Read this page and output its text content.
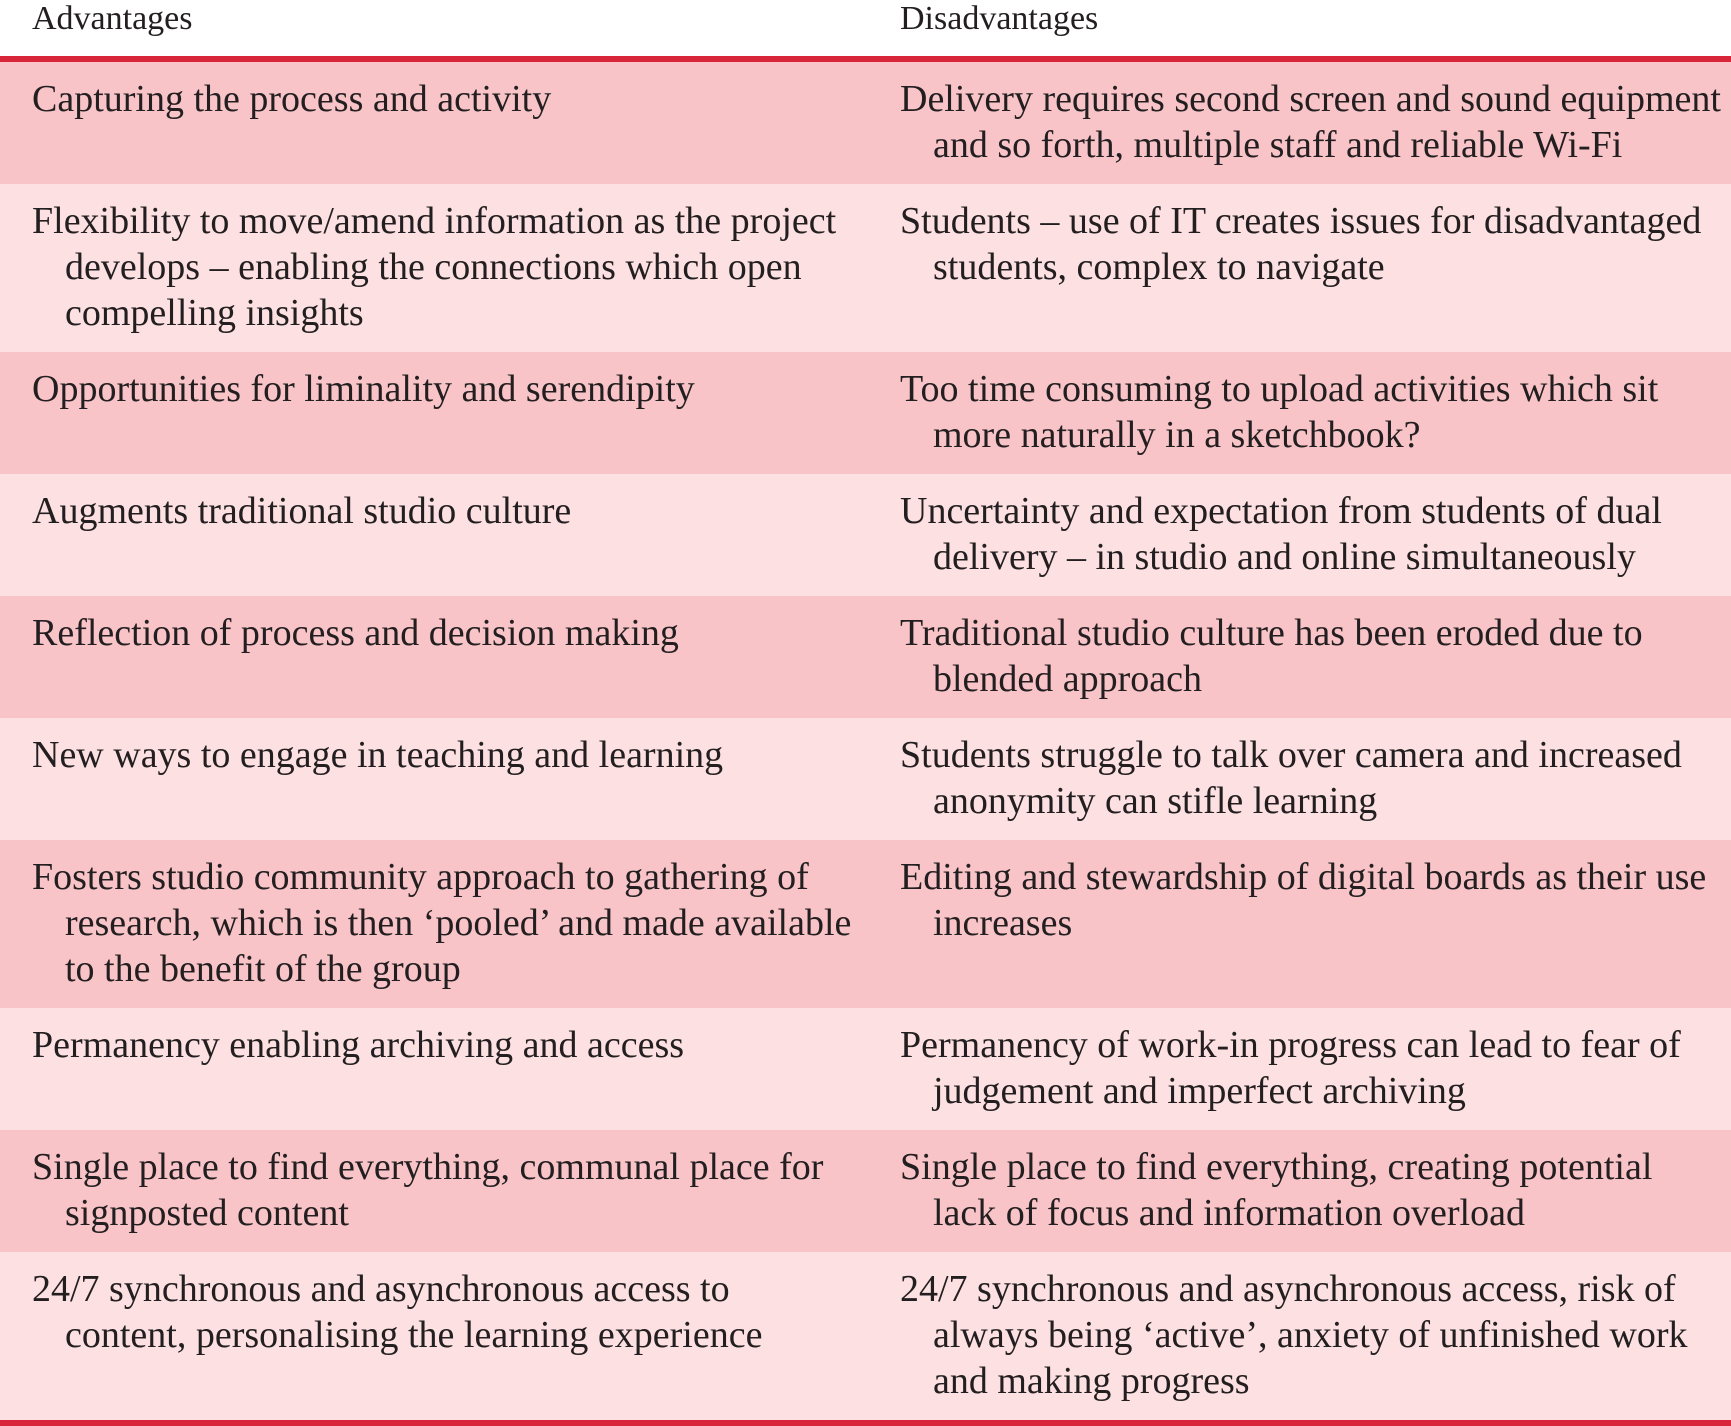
Advantages	Disadvantages

Capturing the process and activity	Delivery requires second screen and sound equipment and so forth, multiple staff and reliable Wi-Fi

Flexibility to move/amend information as the project develops – enabling the connections which open compelling insights	Students – use of IT creates issues for disadvantaged students, complex to navigate

Opportunities for liminality and serendipity	Too time consuming to upload activities which sit more naturally in a sketchbook?

Augments traditional studio culture	Uncertainty and expectation from students of dual delivery – in studio and online simultaneously

Reflection of process and decision making	Traditional studio culture has been eroded due to blended approach

New ways to engage in teaching and learning	Students struggle to talk over camera and increased anonymity can stifle learning

Fosters studio community approach to gathering of research, which is then ‘pooled’ and made available to the benefit of the group	Editing and stewardship of digital boards as their use increases

Permanency enabling archiving and access	Permanency of work-in progress can lead to fear of judgement and imperfect archiving

Single place to find everything, communal place for signposted content	Single place to find everything, creating potential lack of focus and information overload

24/7 synchronous and asynchronous access to content, personalising the learning experience	24/7 synchronous and asynchronous access, risk of always being ‘active’, anxiety of unfinished work and making progress
